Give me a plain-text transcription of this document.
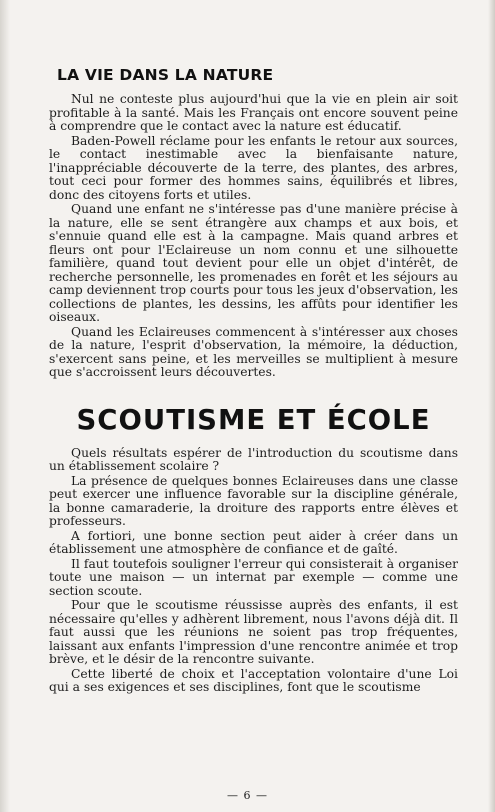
LA VIE DANS LA NATURE

Nul ne conteste plus aujourd'hui que la vie en plein air soit profitable à la santé. Mais les Français ont encore souvent peine à comprendre que le contact avec la nature est éducatif.

Baden-Powell réclame pour les enfants le retour aux sources, le contact inestimable avec la bienfaisante nature, l'inappréciable découverte de la terre, des plantes, des arbres, tout ceci pour former des hommes sains, équilibrés et libres, donc des citoyens forts et utiles.

Quand une enfant ne s'intéresse pas d'une manière précise à la nature, elle se sent étrangère aux champs et aux bois, et s'ennuie quand elle est à la campagne. Mais quand arbres et fleurs ont pour l'Eclaireuse un nom connu et une silhouette familière, quand tout devient pour elle un objet d'intérêt, de recherche personnelle, les promenades en forêt et les séjours au camp deviennent trop courts pour tous les jeux d'observation, les collections de plantes, les dessins, les affûts pour identifier les oiseaux.

Quand les Eclaireuses commencent à s'intéresser aux choses de la nature, l'esprit d'observation, la mémoire, la déduction, s'exercent sans peine, et les merveilles se multiplient à mesure que s'accroissent leurs découvertes.

SCOUTISME ET ÉCOLE

Quels résultats espérer de l'introduction du scoutisme dans un établissement scolaire ?

La présence de quelques bonnes Eclaireuses dans une classe peut exercer une influence favorable sur la discipline générale, la bonne camaraderie, la droiture des rapports entre élèves et professeurs.

A fortiori, une bonne section peut aider à créer dans un établissement une atmosphère de confiance et de gaîté.

Il faut toutefois souligner l'erreur qui consisterait à organiser toute une maison — un internat par exemple — comme une section scoute.

Pour que le scoutisme réussisse auprès des enfants, il est nécessaire qu'elles y adhèrent librement, nous l'avons déjà dit. Il faut aussi que les réunions ne soient pas trop fréquentes, laissant aux enfants l'impression d'une rencontre animée et trop brève, et le désir de la rencontre suivante.

Cette liberté de choix et l'acceptation volontaire d'une Loi qui a ses exigences et ses disciplines, font que le scoutisme

— 6 —
